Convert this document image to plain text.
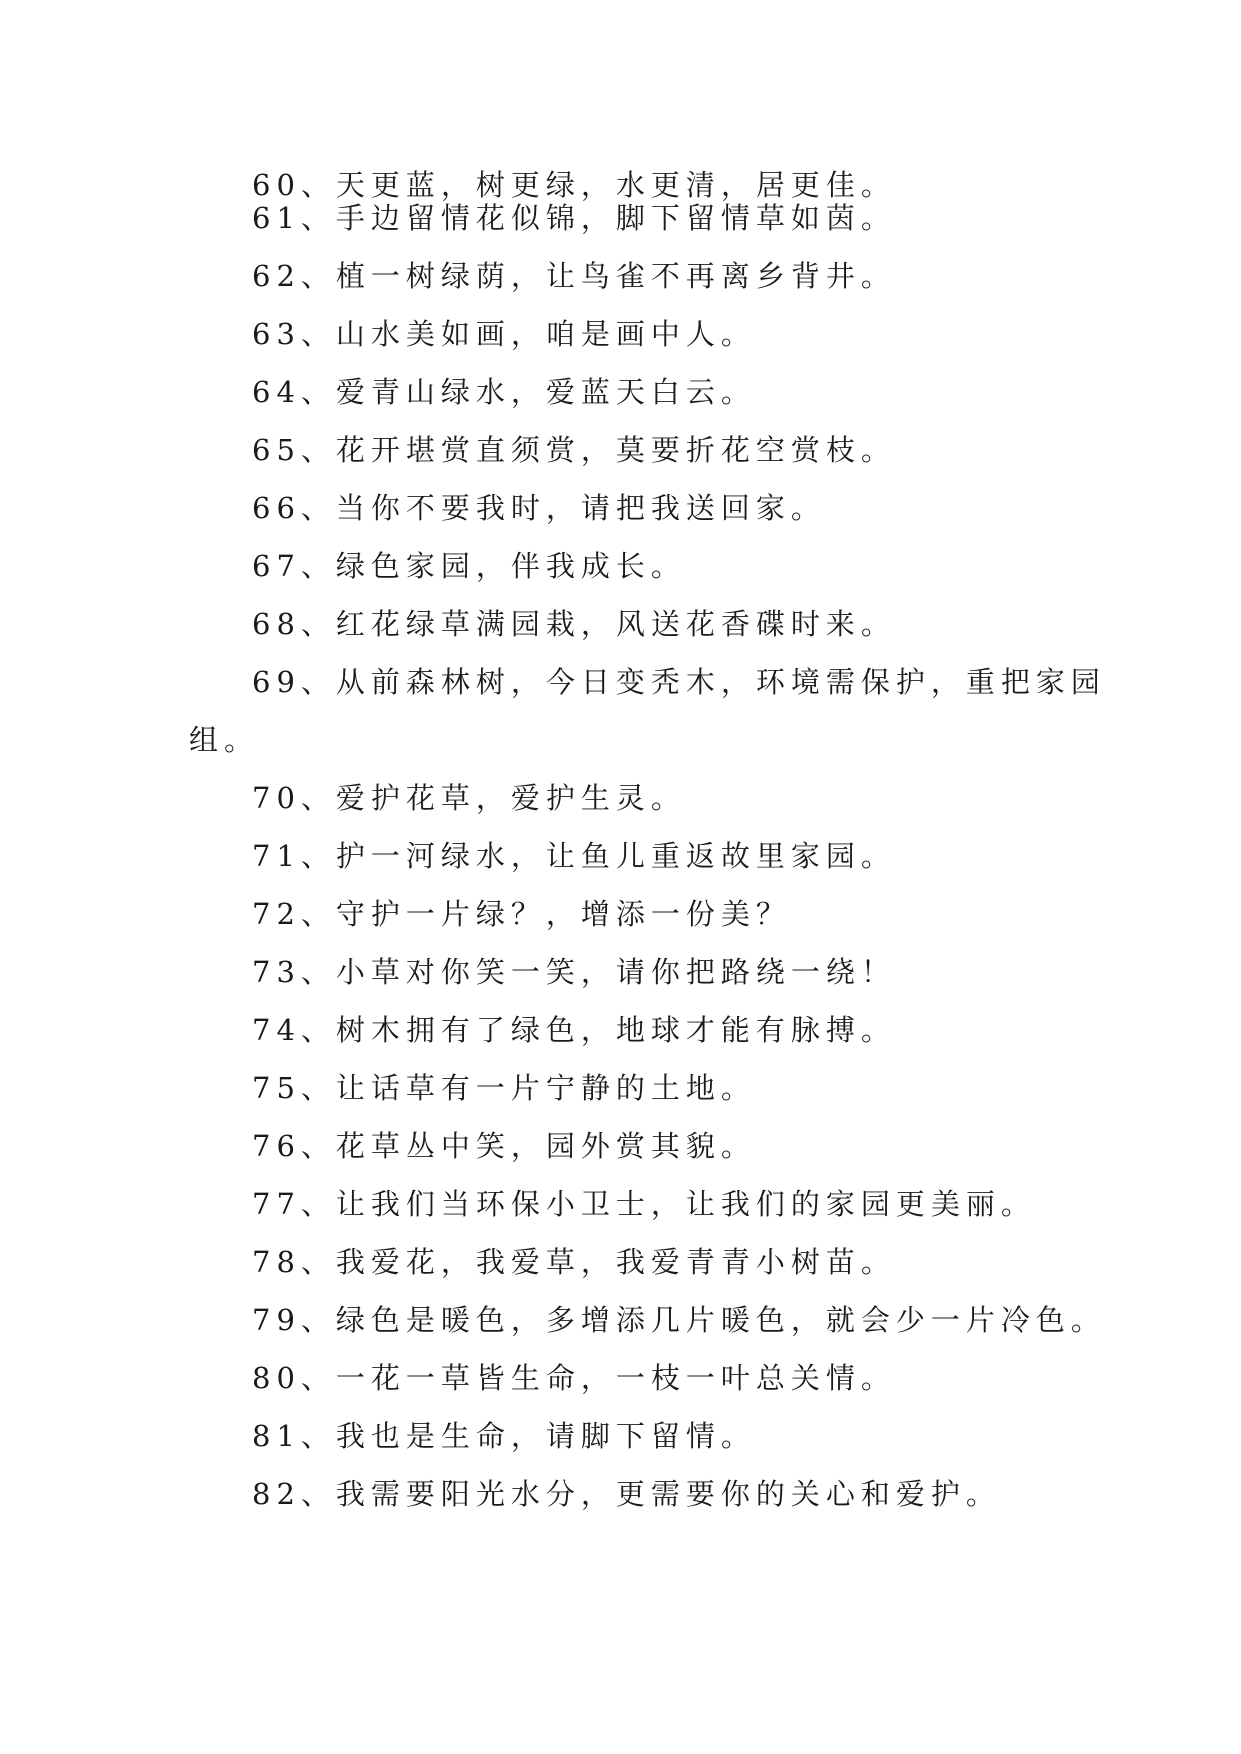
60、天更蓝，树更绿，水更清，居更佳。
61、手边留情花似锦，脚下留情草如茵。
62、植一树绿荫，让鸟雀不再离乡背井。
63、山水美如画，咱是画中人。
64、爱青山绿水，爱蓝天白云。
65、花开堪赏直须赏，莫要折花空赏枝。
66、当你不要我时，请把我送回家。
67、绿色家园，伴我成长。
68、红花绿草满园栽，风送花香碟时来。
69、从前森林树，今日变秃木，环境需保护，重把家园
组。
70、爱护花草，爱护生灵。
71、护一河绿水，让鱼儿重返故里家园。
72、守护一片绿？，增添一份美？
73、小草对你笑一笑，请你把路绕一绕！
74、树木拥有了绿色，地球才能有脉搏。
75、让话草有一片宁静的土地。
76、花草丛中笑，园外赏其貌。
77、让我们当环保小卫士，让我们的家园更美丽。
78、我爱花，我爱草，我爱青青小树苗。
79、绿色是暖色，多增添几片暖色，就会少一片冷色。
80、一花一草皆生命，一枝一叶总关情。
81、我也是生命，请脚下留情。
82、我需要阳光水分，更需要你的关心和爱护。
